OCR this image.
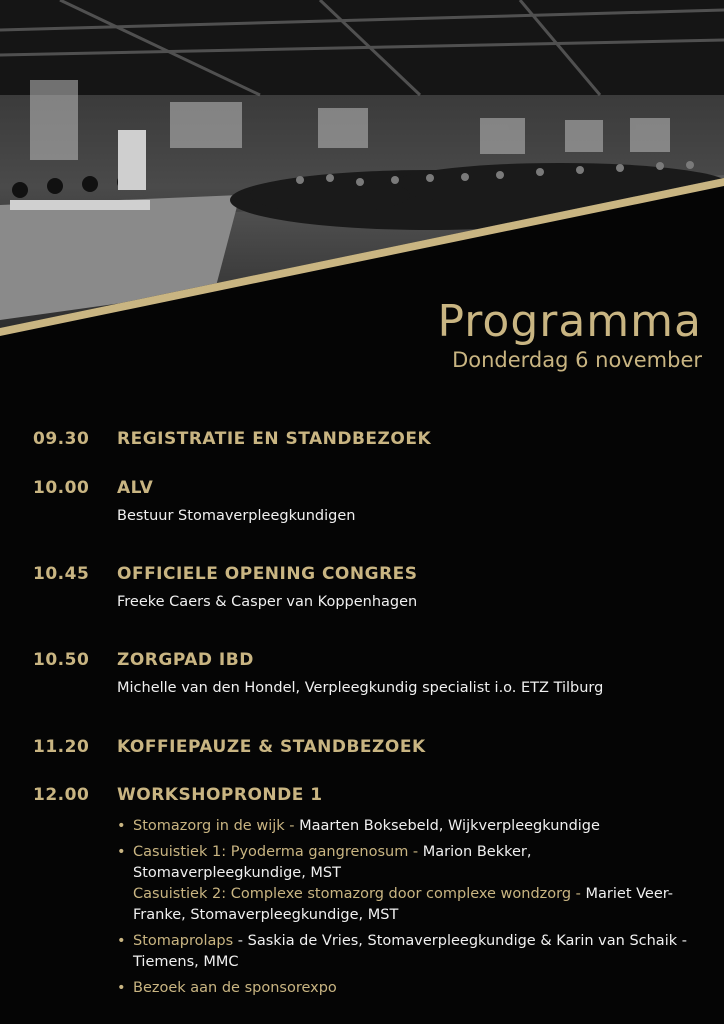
Programma
Donderdag 6 november
09.30 REGISTRATIE EN STANDBEZOEK
10.00 ALV
Bestuur Stomaverpleegkundigen
10.45 OFFICIELE OPENING CONGRES
Freeke Caers & Casper van Koppenhagen
10.50 ZORGPAD IBD
Michelle van den Hondel, Verpleegkundig specialist i.o. ETZ Tilburg
11.20 KOFFIEPAUZE & STANDBEZOEK
12.00 WORKSHOPRONDE 1
• Stomazorg in de wijk - Maarten Boksebeld, Wijkverpleegkundige
• Casuistiek 1: Pyoderma gangrenosum - Marion Bekker, Stomaverpleegkundige, MST
Casuistiek 2: Complexe stomazorg door complexe wondzorg - Mariet Veer-Franke, Stomaverpleegkundige, MST
• Stomaprolaps - Saskia de Vries, Stomaverpleegkundige & Karin van Schaik - Tiemens, MMC
• Bezoek aan de sponsorexpo
